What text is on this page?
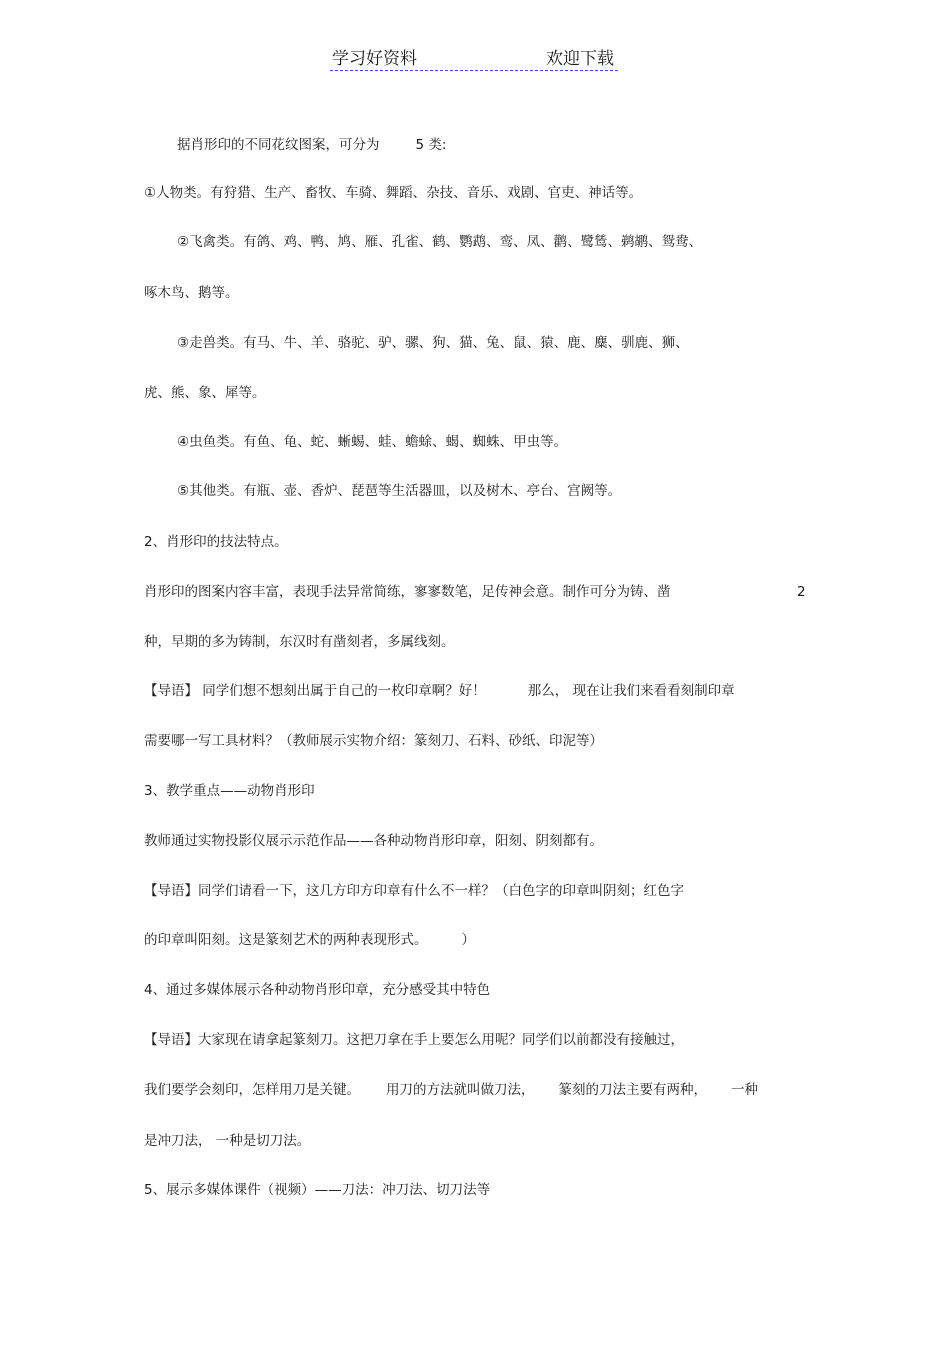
学习好资料	欢迎下载
据肖形印的不同花纹图案，可分为	5 类:
①人物类。有狩猎、生产、畜牧、车骑、舞蹈、杂技、音乐、戏剧、官吏、神话等。
②飞禽类。有鸽、鸡、鸭、鸠、雁、孔雀、鹤、鹦鹉、鸾、凤、鹳、鹭鸶、鹈鹕、鸳鸯、
啄木鸟、鹅等。
③走兽类。有马、牛、羊、骆驼、驴、骡、狗、猫、兔、鼠、猿、鹿、麋、驯鹿、狮、
虎、熊、象、犀等。
④虫鱼类。有鱼、龟、蛇、蜥蜴、蛙、蟾蜍、蝎、蜘蛛、甲虫等。
⑤其他类。有瓶、壶、香炉、琵琶等生活器皿，以及树木、亭台、宫阙等。
2、肖形印的技法特点。
肖形印的图案内容丰富，表现手法异常简练，寥寥数笔，足传神会意。制作可分为铸、凿	2
种，早期的多为铸制，东汉时有凿刻者，多属线刻。
【导语】 同学们想不想刻出属于自己的一枚印章啊？好！	那么， 现在让我们来看看刻制印章
需要哪一写工具材料？（教师展示实物介绍：篆刻刀、石料、砂纸、印泥等）
3、教学重点——动物肖形印
教师通过实物投影仪展示示范作品——各种动物肖形印章，阳刻、阴刻都有。
【导语】同学们请看一下，这几方印方印章有什么不一样？（白色字的印章叫阴刻；红色字
的印章叫阳刻。这是篆刻艺术的两种表现形式。	）
4、通过多媒体展示各种动物肖形印章，充分感受其中特色
【导语】大家现在请拿起篆刻刀。这把刀拿在手上要怎么用呢？同学们以前都没有接触过，
我们要学会刻印，怎样用刀是关键。 用刀的方法就叫做刀法， 篆刻的刀法主要有两种， 一种
是冲刀法， 一种是切刀法。
5、展示多媒体课件（视频）——刀法：冲刀法、切刀法等
